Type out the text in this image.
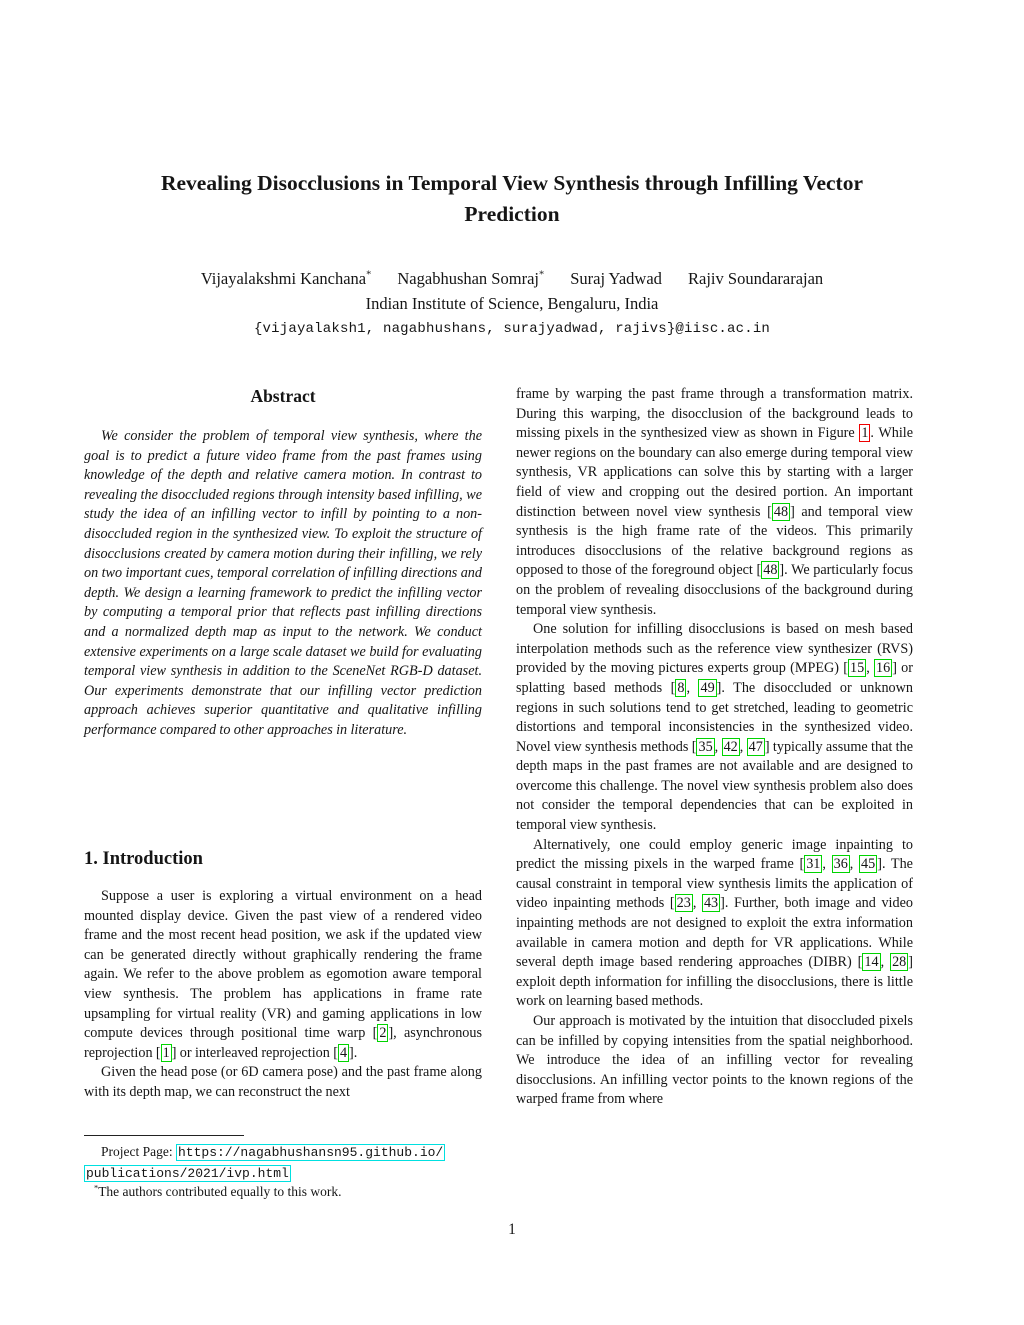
Revealing Disocclusions in Temporal View Synthesis through Infilling Vector
Prediction
Vijayalakshmi Kanchana* Nagabhushan Somraj* Suraj Yadwad Rajiv Soundararajan
Indian Institute of Science, Bengaluru, India
{vijayalaksh1, nagabhushans, surajyadwad, rajivs}@iisc.ac.in
Abstract
We consider the problem of temporal view synthesis, where the goal is to predict a future video frame from the past frames using knowledge of the depth and relative camera motion. In contrast to revealing the disoccluded regions through intensity based infilling, we study the idea of an infilling vector to infill by pointing to a non-disoccluded region in the synthesized view. To exploit the structure of disocclusions created by camera motion during their infilling, we rely on two important cues, temporal correlation of infilling directions and depth. We design a learning framework to predict the infilling vector by computing a temporal prior that reflects past infilling directions and a normalized depth map as input to the network. We conduct extensive experiments on a large scale dataset we build for evaluating temporal view synthesis in addition to the SceneNet RGB-D dataset. Our experiments demonstrate that our infilling vector prediction approach achieves superior quantitative and qualitative infilling performance compared to other approaches in literature.
1. Introduction

Suppose a user is exploring a virtual environment on a head mounted display device. Given the past view of a rendered video frame and the most recent head position, we ask if the updated view can be generated directly without graphically rendering the frame again. We refer to the above problem as egomotion aware temporal view synthesis. The problem has applications in frame rate upsampling for virtual reality (VR) and gaming applications in low compute devices through positional time warp [ 2 ], asynchronous reprojection [ 1 ] or interleaved reprojection [ 4 ].

Given the head pose (or 6D camera pose) and the past frame along with its depth map, we can reconstruct the next

Project Page: https://nagabhushansn95.github.io/
publications/2021/ivp.html
*The authors contributed equally to this work.

frame by warping the past frame through a transformation matrix. During this warping, the disocclusion of the background leads to missing pixels in the synthesized view as shown in Figure 1 . While newer regions on the boundary can also emerge during temporal view synthesis, VR applications can solve this by starting with a larger field of view and cropping out the desired portion. An important distinction between novel view synthesis [ 48 ] and temporal view synthesis is the high frame rate of the videos. This primarily introduces disocclusions of the relative background regions as opposed to those of the foreground object [ 48 ]. We particularly focus on the problem of revealing disocclusions of the background during temporal view synthesis.

One solution for infilling disocclusions is based on mesh based interpolation methods such as the reference view synthesizer (RVS) provided by the moving pictures experts group (MPEG) [ 15 , 16 ] or splatting based methods [ 8 , 49 ]. The disoccluded or unknown regions in such solutions tend to get stretched, leading to geometric distortions and temporal inconsistencies in the synthesized video. Novel view synthesis methods [ 35 , 42 , 47 ] typically assume that the depth maps in the past frames are not available and are designed to overcome this challenge. The novel view synthesis problem also does not consider the temporal dependencies that can be exploited in temporal view synthesis.

Alternatively, one could employ generic image inpainting to predict the missing pixels in the warped frame [ 31 , 36 , 45 ]. The causal constraint in temporal view synthesis limits the application of video inpainting methods [ 23 , 43 ]. Further, both image and video inpainting methods are not designed to exploit the extra information available in camera motion and depth for VR applications. While several depth image based rendering approaches (DIBR) [ 14 , 28 ] exploit depth information for infilling the disocclusions, there is little work on learning based methods.

Our approach is motivated by the intuition that disoccluded pixels can be infilled by copying intensities from the spatial neighborhood. We introduce the idea of an infilling vector for revealing disocclusions. An infilling vector points to the known regions of the warped frame from where

1
